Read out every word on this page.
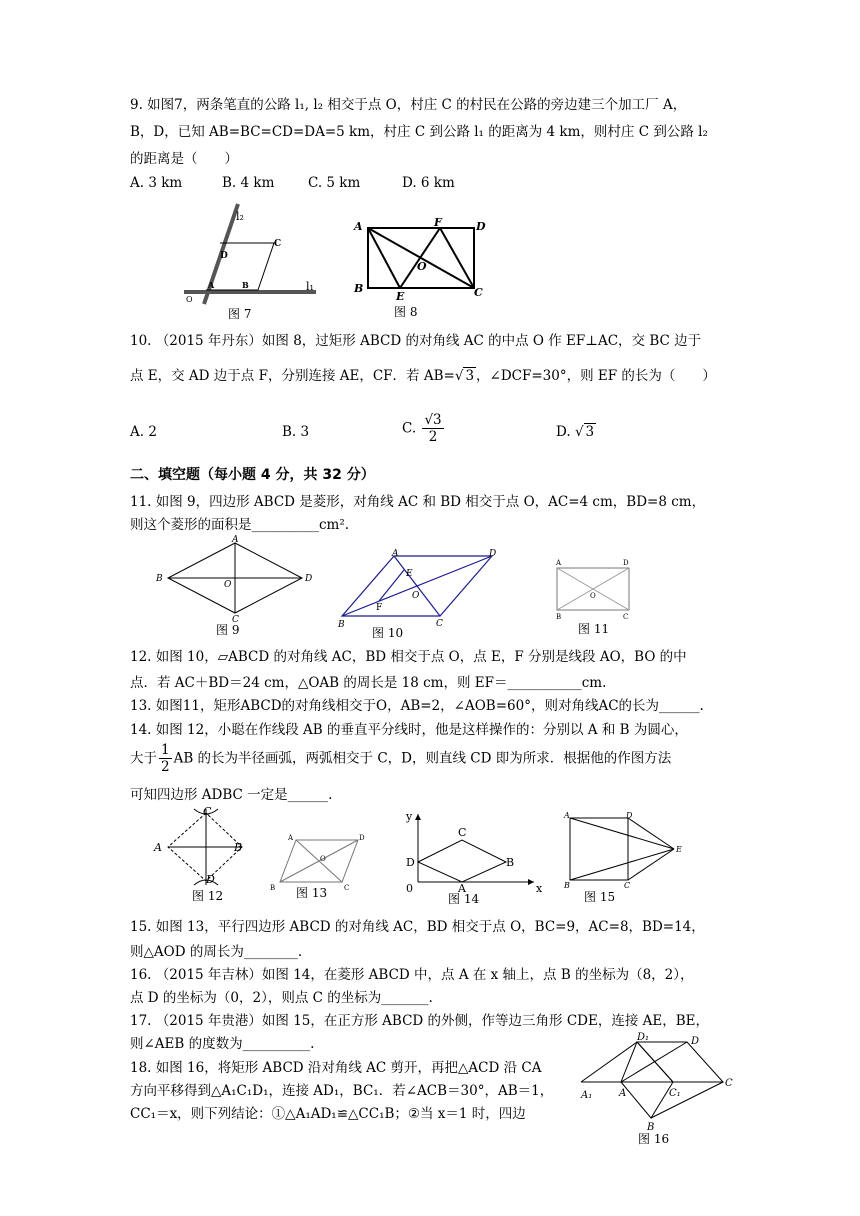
9. 如图7，两条笔直的公路 l₁, l₂ 相交于点 O，村庄 C 的村民在公路的旁边建三个加工厂 A，
B，D，已知 AB=BC=CD=DA=5 km，村庄 C 到公路 l₁ 的距离为 4 km，则村庄 C 到公路 l₂
的距离是（　　）
A. 3 km	B. 4 km C. 5 km	D. 6 km
l₂
l₁
D
C
A	B
O
图 7
A	D
B	C
E
F
O
图 8
10. （2015 年丹东）如图 8，过矩形 ABCD 的对角线 AC 的中点 O 作 EF⊥AC，交 BC 边于
点 E，交 AD 边于点 F，分别连接 AE，CF．若 AB=√ 3 ，∠DCF=30°，则 EF 的长为（　　）
A. 2	B. 3	C. $\frac{√3}{2}$	D. √ 3
二、填空题（每小题 4 分，共 32 分）
11. 如图 9，四边形 ABCD 是菱形，对角线 AC 和 BD 相交于点 O，AC=4 cm，BD=8 cm，
则这个菱形的面积是__________cm².
A
B	D
C
O
图 9
A	D
B	C
E
F
O
图 10
A	D
B	C
O
图 11
12. 如图 10，▱ABCD 的对角线 AC，BD 相交于点 O，点 E，F 分别是线段 AO，BO 的中
点．若 AC＋BD＝24 cm，△OAB 的周长是 18 cm，则 EF＝___________cm.
13. 如图11，矩形ABCD的对角线相交于O，AB=2，∠AOB=60°，则对角线AC的长为______.
14. 如图 12，小聪在作线段 AB 的垂直平分线时，他是这样操作的：分别以 A 和 B 为圆心，
大于 $\frac{1}{2}$ AB 的长为半径画弧，两弧相交于 C，D，则直线 CD 即为所求．根据他的作图方法
可知四边形 ADBC 一定是______.
C
A	B
D
图 12
A	D
B	C
O
图 13
y
x
0	A
B
C
D
图 14
A	D
B	C
E
图 15
15. 如图 13，平行四边形 ABCD 的对角线 AC，BD 相交于点 O，BC=9，AC=8，BD=14，
则△AOD 的周长为________.
16. （2015 年吉林）如图 14，在菱形 ABCD 中，点 A 在 x 轴上，点 B 的坐标为（8，2），
点 D 的坐标为（0，2），则点 C 的坐标为_______.
17. （2015 年贵港）如图 15，在正方形 ABCD 的外侧，作等边三角形 CDE，连接 AE，BE，
则∠AEB 的度数为__________.
18. 如图 16，将矩形 ABCD 沿对角线 AC 剪开，再把△ACD 沿 CA
方向平移得到△A₁C₁D₁，连接 AD₁，BC₁．若∠ACB＝30°，AB＝1，
CC₁＝x，则下列结论：①△A₁AD₁≌△CC₁B；②当 x＝1 时，四边
D₁	D
A₁	A	C₁
C
B
图 16
